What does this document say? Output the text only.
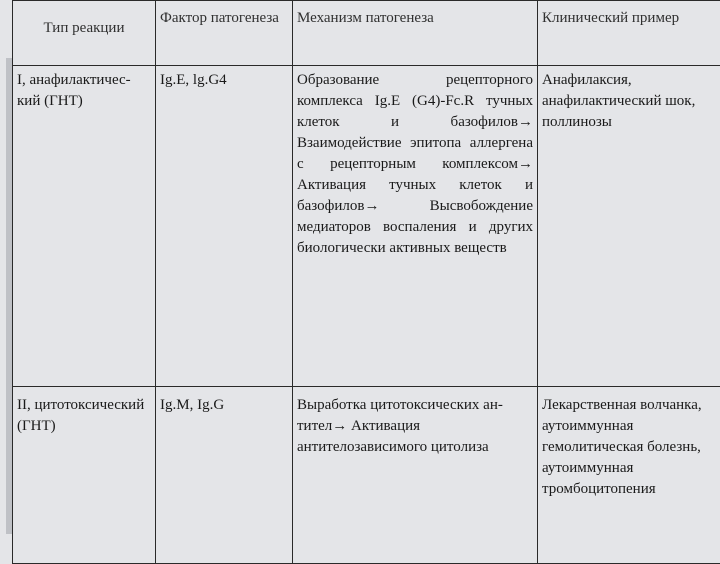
Тип реакции	Фактор патогенеза	Механизм патогенеза	Клинический пример
I, анафилактичес-кий (ГНТ)	Ig.E, lg.G4	Образование рецепторного комплекса Ig.E (G4)-Fc.R тучных клеток и базофилов→ Взаимодействие эпитопа аллергена с рецепторным комплексом→ Активация тучных клеток и базофилов→ Высвобождение медиаторов воспаления и других биологически активных веществ	Анафилаксия, анафилактический шок, поллинозы
II, цитотоксический (ГНТ)	Ig.M, Ig.G	Выработка цитотоксических ан-тител→ Активация антителозависимого цитолиза	Лекарственная волчанка, аутоиммунная гемолитическая болезнь, аутоиммунная тромбоцитопения
